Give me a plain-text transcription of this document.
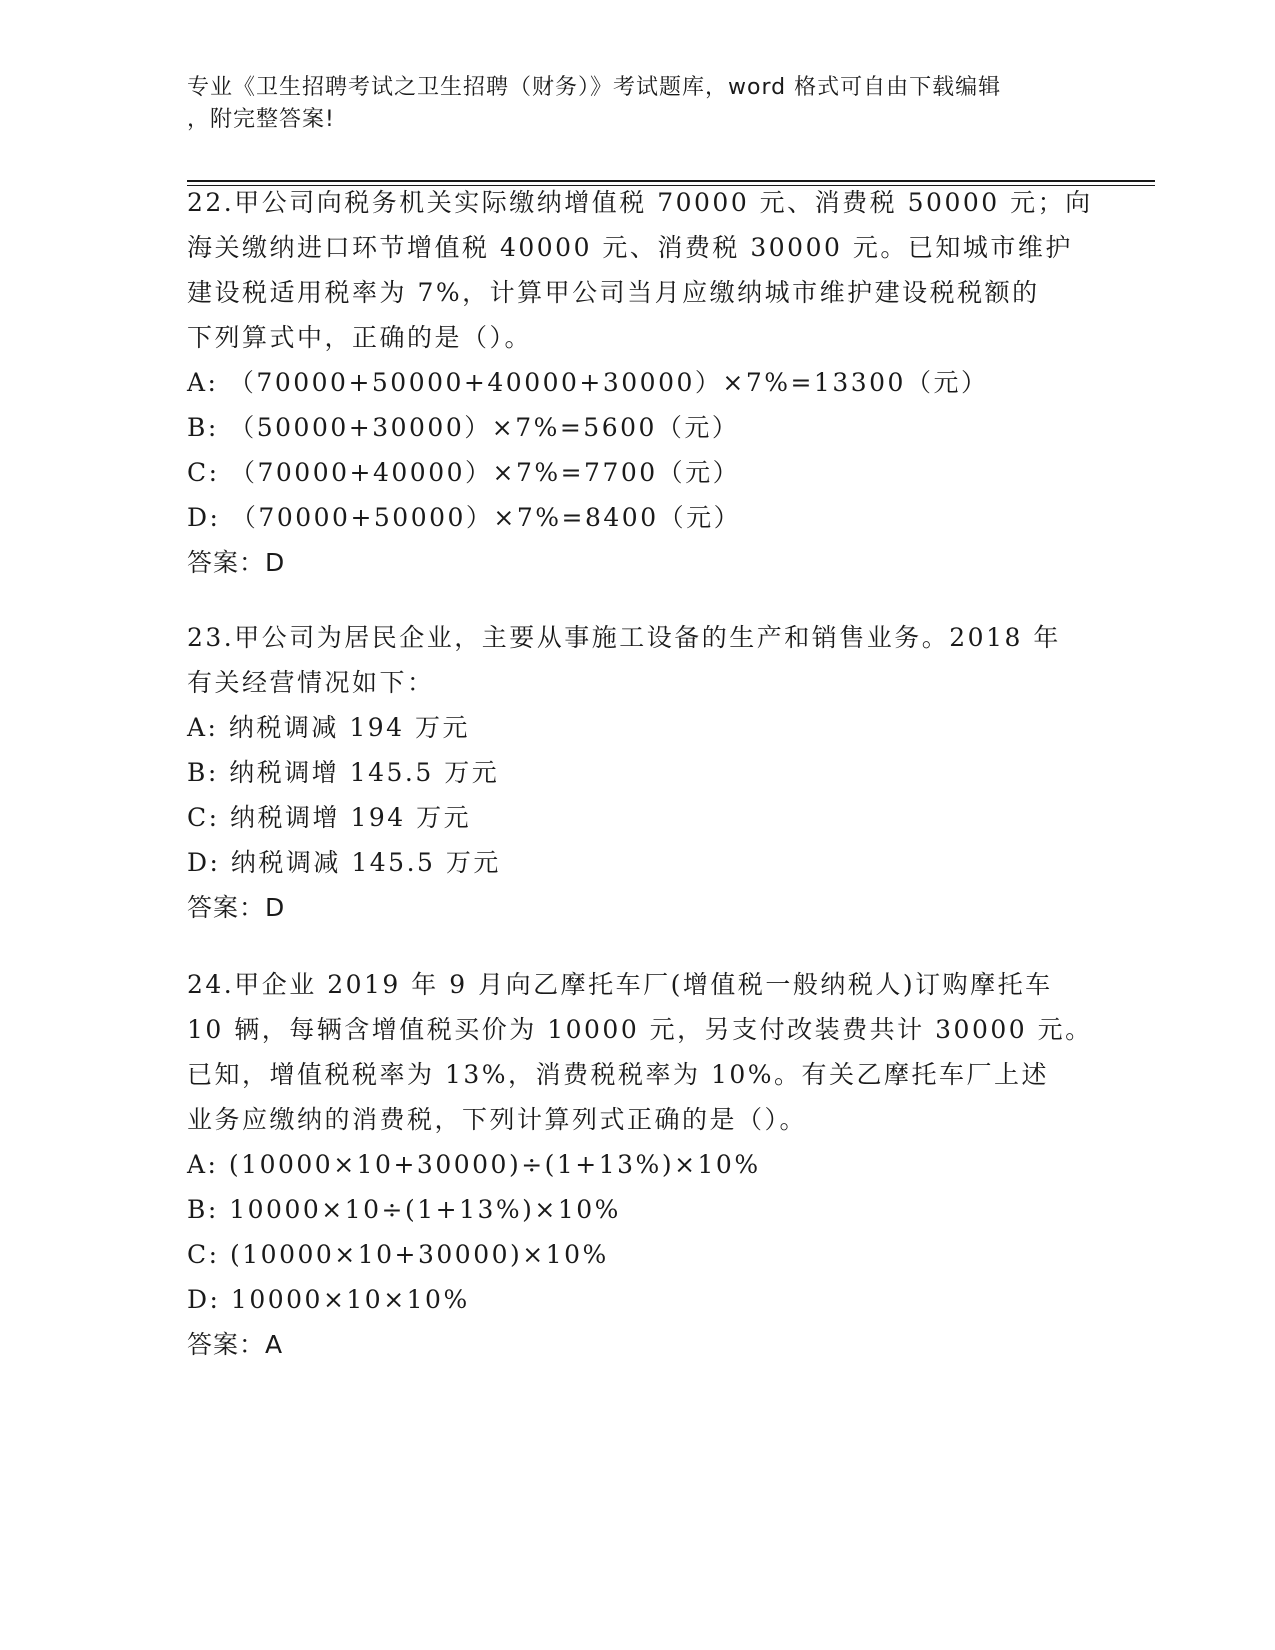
专业《卫生招聘考试之卫生招聘（财务）》考试题库，word 格式可自由下载编辑
，附完整答案!

22.甲公司向税务机关实际缴纳增值税 70000 元、消费税 50000 元；向
海关缴纳进口环节增值税 40000 元、消费税 30000 元。已知城市维护
建设税适用税率为 7%，计算甲公司当月应缴纳城市维护建设税税额的
下列算式中，正确的是（）。
A: （70000+50000+40000+30000）×7%=13300（元）
B: （50000+30000）×7%=5600（元）
C: （70000+40000）×7%=7700（元）
D: （70000+50000）×7%=8400（元）
答案：D
23.甲公司为居民企业，主要从事施工设备的生产和销售业务。2018 年
有关经营情况如下：
A: 纳税调减 194 万元
B: 纳税调增 145.5 万元
C: 纳税调增 194 万元
D: 纳税调减 145.5 万元
答案：D
24.甲企业 2019 年 9 月向乙摩托车厂(增值税一般纳税人)订购摩托车
10 辆，每辆含增值税买价为 10000 元，另支付改装费共计 30000 元。
已知，增值税税率为 13%，消费税税率为 10%。有关乙摩托车厂上述
业务应缴纳的消费税，下列计算列式正确的是（）。
A: (10000×10+30000)÷(1+13%)×10%
B: 10000×10÷(1+13%)×10%
C: (10000×10+30000)×10%
D: 10000×10×10%
答案：A
